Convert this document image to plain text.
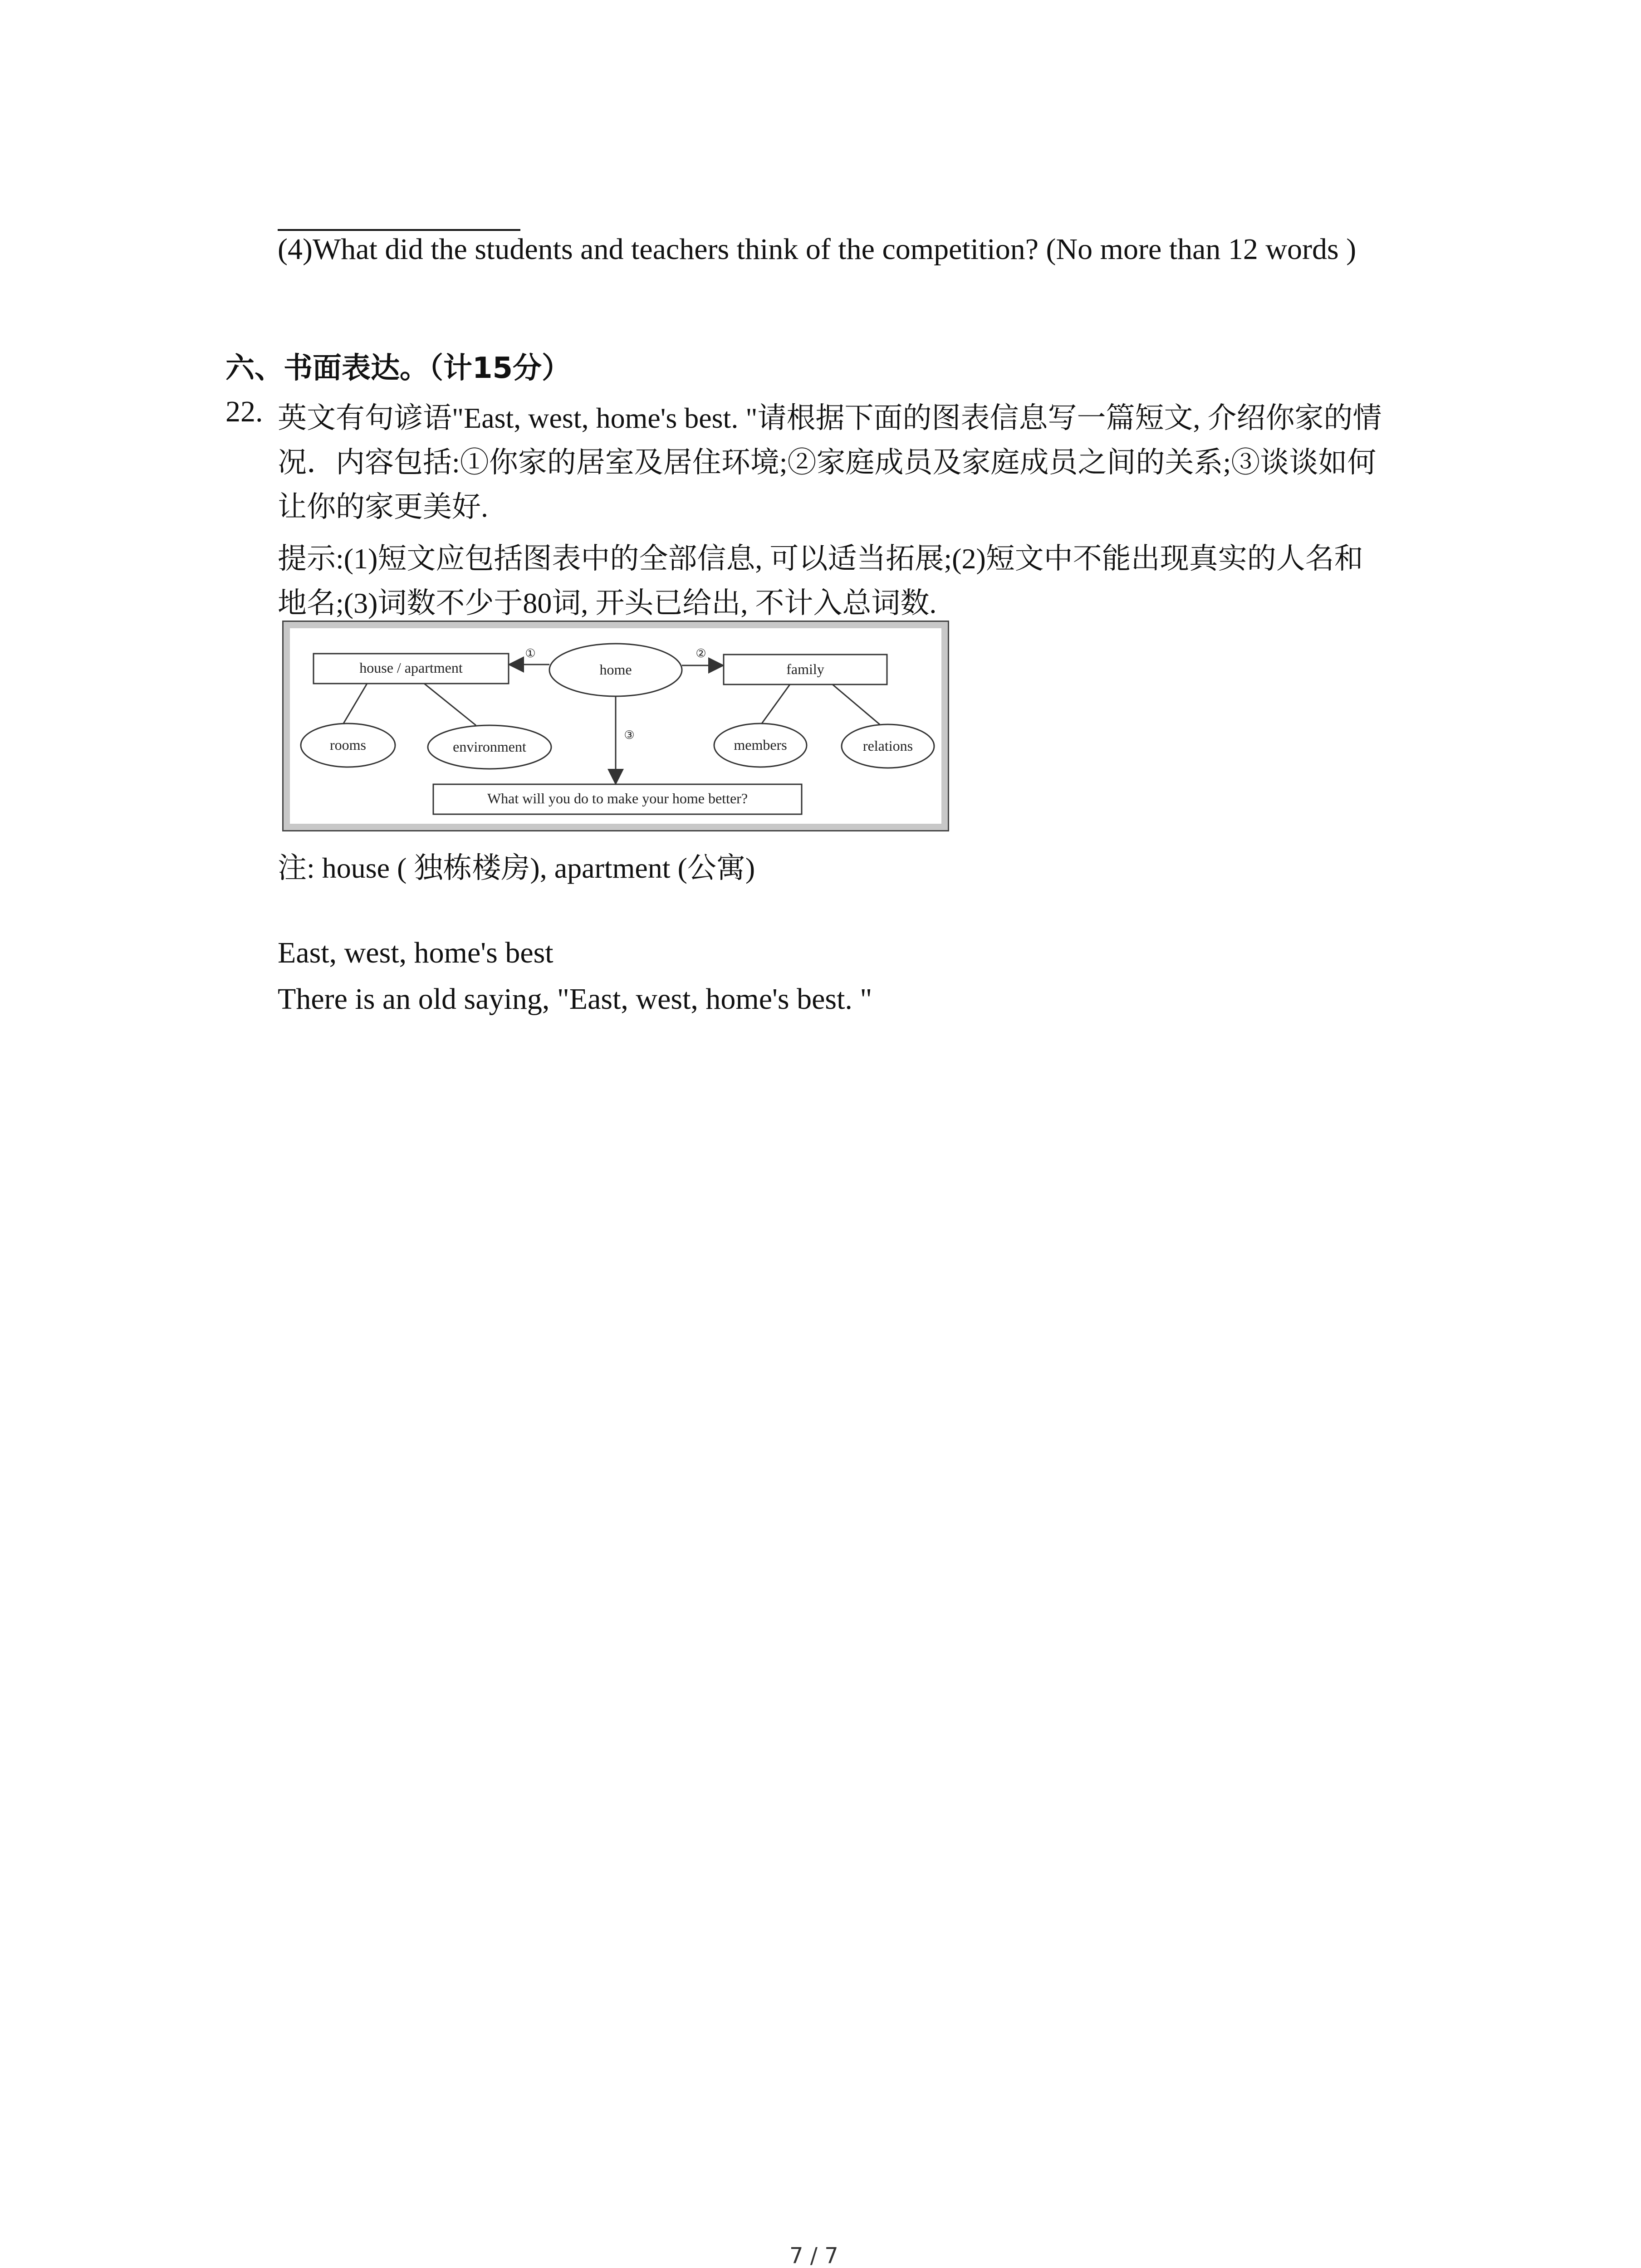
(4)What did the students and teachers think of the competition? (No more than 12 words )
六、书面表达。（计15分）
22. 英文有句谚语"East, west, home's best. "请根据下面的图表信息写一篇短文, 介绍你家的情
况．内容包括:①你家的居室及居住环境;②家庭成员及家庭成员之间的关系;③谈谈如何
让你的家更美好.
提示:(1)短文应包括图表中的全部信息, 可以适当拓展;(2)短文中不能出现真实的人名和
地名;(3)词数不少于80词, 开头已给出, 不计入总词数.
house / apartment	family
home
rooms	environment	members	relations
What will you do to make your home better?
①	②
③
注: house ( 独栋楼房), apartment (公寓)
East, west, home's best
There is an old saying, "East, west, home's best. "
7 / 7
